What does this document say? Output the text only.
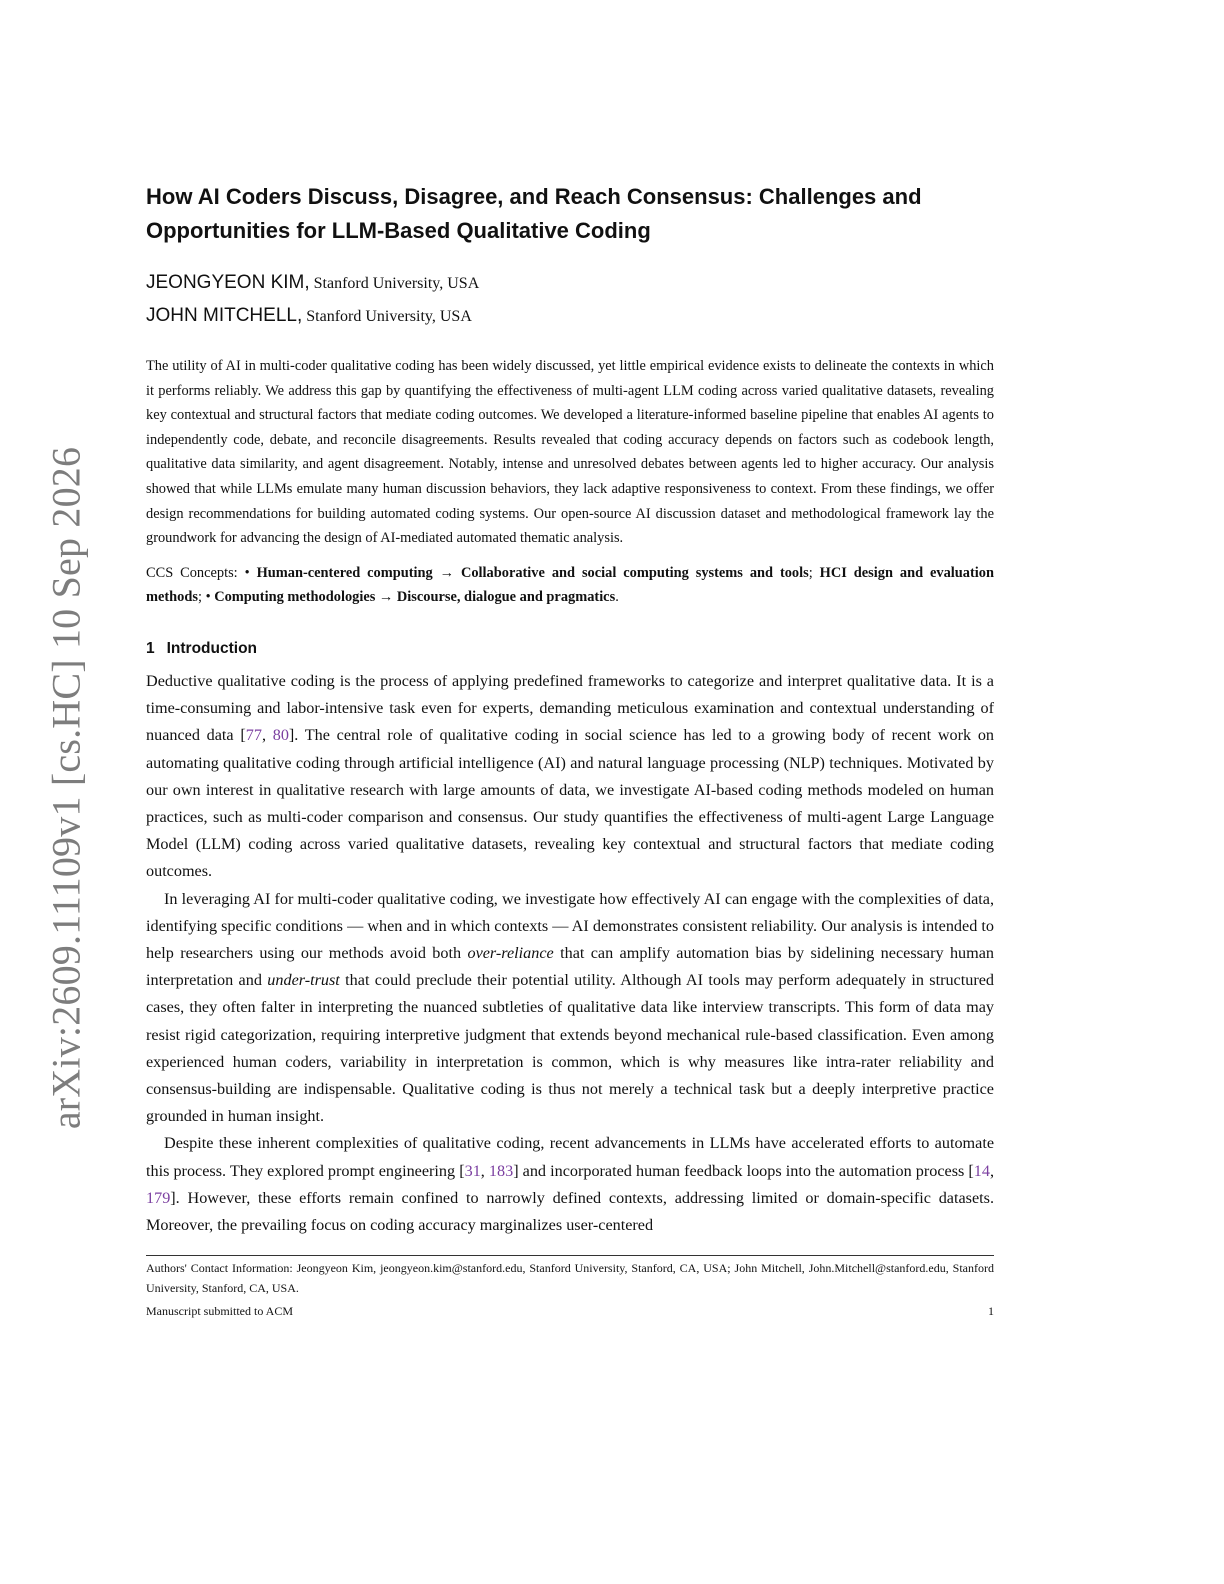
arXiv:2609.11109v1 [cs.HC] 10 Sep 2026
How AI Coders Discuss, Disagree, and Reach Consensus: Challenges and Opportunities for LLM-Based Qualitative Coding
JEONGYEON KIM, Stanford University, USA
JOHN MITCHELL, Stanford University, USA

The utility of AI in multi-coder qualitative coding has been widely discussed, yet little empirical evidence exists to delineate the contexts in which it performs reliably. We address this gap by quantifying the effectiveness of multi-agent LLM coding across varied qualitative datasets, revealing key contextual and structural factors that mediate coding outcomes. We developed a literature-informed baseline pipeline that enables AI agents to independently code, debate, and reconcile disagreements. Results revealed that coding accuracy depends on factors such as codebook length, qualitative data similarity, and agent disagreement. Notably, intense and unresolved debates between agents led to higher accuracy. Our analysis showed that while LLMs emulate many human discussion behaviors, they lack adaptive responsiveness to context. From these findings, we offer design recommendations for building automated coding systems. Our open-source AI discussion dataset and methodological framework lay the groundwork for advancing the design of AI-mediated automated thematic analysis.

CCS Concepts: • Human-centered computing → Collaborative and social computing systems and tools; HCI design and evaluation methods; • Computing methodologies → Discourse, dialogue and pragmatics.

1 Introduction

Deductive qualitative coding is the process of applying predefined frameworks to categorize and interpret qualitative data. It is a time-consuming and labor-intensive task even for experts, demanding meticulous examination and contextual understanding of nuanced data [77, 80]. The central role of qualitative coding in social science has led to a growing body of recent work on automating qualitative coding through artificial intelligence (AI) and natural language processing (NLP) techniques. Motivated by our own interest in qualitative research with large amounts of data, we investigate AI-based coding methods modeled on human practices, such as multi-coder comparison and consensus. Our study quantifies the effectiveness of multi-agent Large Language Model (LLM) coding across varied qualitative datasets, revealing key contextual and structural factors that mediate coding outcomes.

In leveraging AI for multi-coder qualitative coding, we investigate how effectively AI can engage with the complexities of data, identifying specific conditions — when and in which contexts — AI demonstrates consistent reliability. Our analysis is intended to help researchers using our methods avoid both over-reliance that can amplify automation bias by sidelining necessary human interpretation and under-trust that could preclude their potential utility. Although AI tools may perform adequately in structured cases, they often falter in interpreting the nuanced subtleties of qualitative data like interview transcripts. This form of data may resist rigid categorization, requiring interpretive judgment that extends beyond mechanical rule-based classification. Even among experienced human coders, variability in interpretation is common, which is why measures like intra-rater reliability and consensus-building are indispensable. Qualitative coding is thus not merely a technical task but a deeply interpretive practice grounded in human insight.

Despite these inherent complexities of qualitative coding, recent advancements in LLMs have accelerated efforts to automate this process. They explored prompt engineering [31, 183] and incorporated human feedback loops into the automation process [14, 179]. However, these efforts remain confined to narrowly defined contexts, addressing limited or domain-specific datasets. Moreover, the prevailing focus on coding accuracy marginalizes user-centered

Authors' Contact Information: Jeongyeon Kim, jeongyeon.kim@stanford.edu, Stanford University, Stanford, CA, USA; John Mitchell, John.Mitchell@stanford.edu, Stanford University, Stanford, CA, USA.

Manuscript submitted to ACM	1
